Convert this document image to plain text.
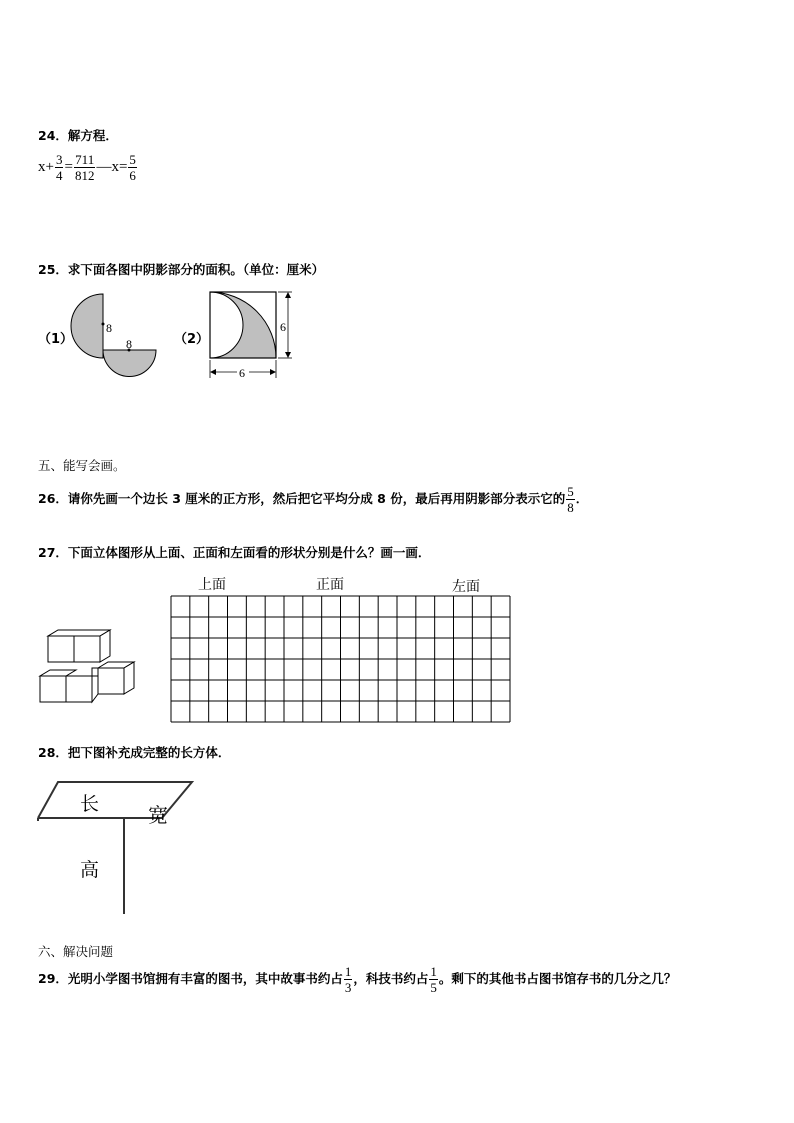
24．解方程．
$x+ \frac{3}{4} = \frac{711}{812}$ —x= $\frac{5}{6}$
25．求下面各图中阴影部分的面积。（单位：厘米）
（1）	（2）
8
8
6
6
五、能写会画。
26．请你先画一个边长 3 厘米的正方形，然后把它平均分成 8 份，最后再用阴影部分表示它的 $\frac{5}{8}$ ．
27．下面立体图形从上面、正面和左面看的形状分别是什么？画一画．
上面	正面	左面
28．把下图补充成完整的长方体．
长
宽
高
六、解决问题
29．光明小学图书馆拥有丰富的图书，其中故事书约占 $\frac{1}{3}$ ，科技书约占 $\frac{1}{5}$ 。剩下的其他书占图书馆存书的几分之几？
